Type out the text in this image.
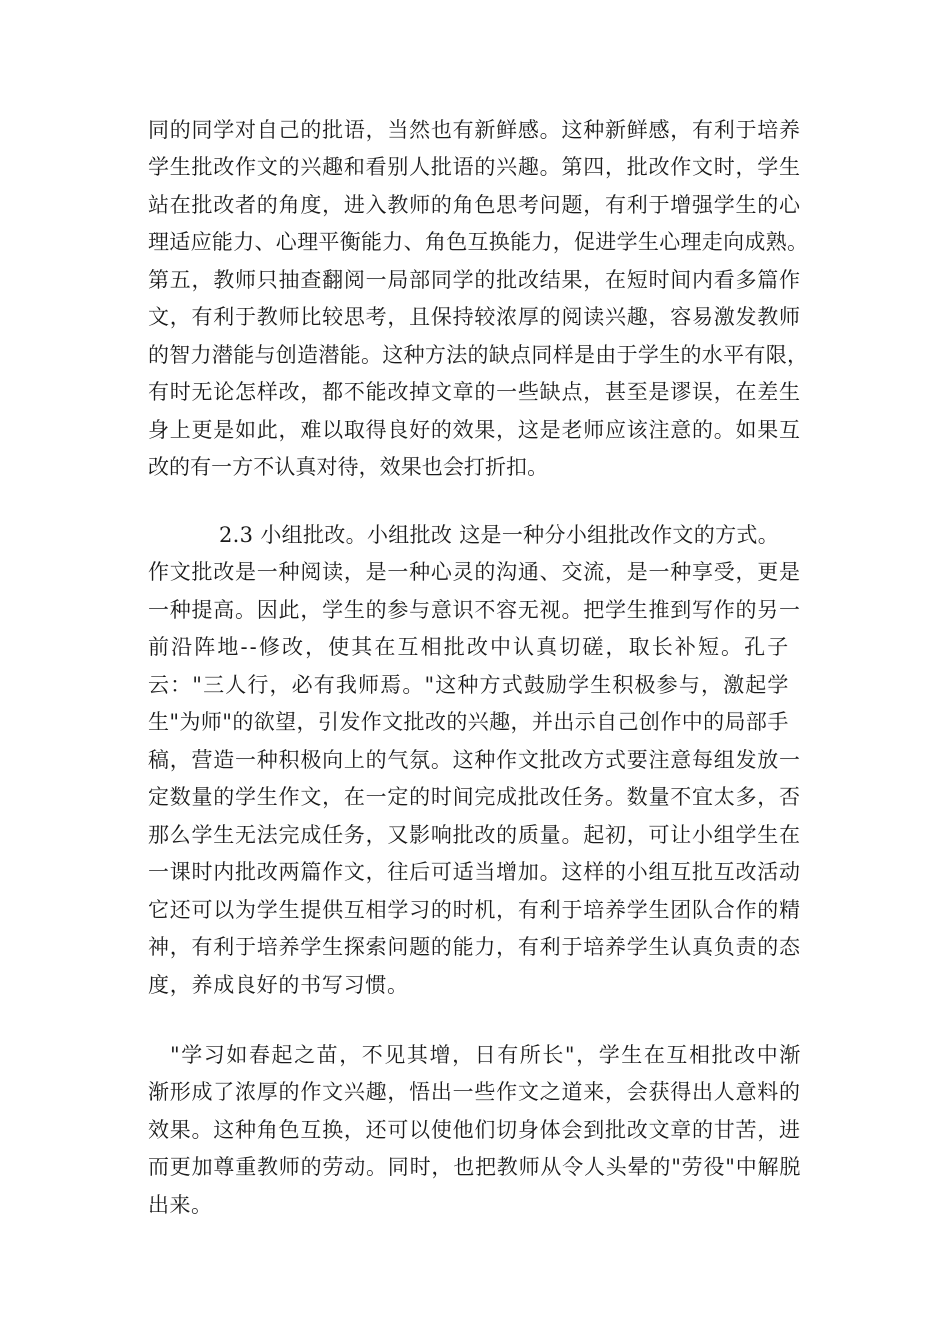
同的同学对自己的批语，当然也有新鲜感。这种新鲜感，有利于培养
学生批改作文的兴趣和看别人批语的兴趣。第四，批改作文时，学生
站在批改者的角度，进入教师的角色思考问题，有利于增强学生的心
理适应能力、心理平衡能力、角色互换能力，促进学生心理走向成熟。
第五，教师只抽查翻阅一局部同学的批改结果，在短时间内看多篇作
文，有利于教师比较思考，且保持较浓厚的阅读兴趣，容易激发教师
的智力潜能与创造潜能。这种方法的缺点同样是由于学生的水平有限，
有时无论怎样改，都不能改掉文章的一些缺点，甚至是谬误，在差生
身上更是如此，难以取得良好的效果，这是老师应该注意的。如果互
改的有一方不认真对待，效果也会打折扣。
2.3 小组批改。小组批改 这是一种分小组批改作文的方式。
作文批改是一种阅读，是一种心灵的沟通、交流，是一种享受，更是
一种提高。因此，学生的参与意识不容无视。把学生推到写作的另一
前沿阵地--修改，使其在互相批改中认真切磋，取长补短。孔子
云："三人行，必有我师焉。"这种方式鼓励学生积极参与，激起学
生"为师"的欲望，引发作文批改的兴趣，并出示自己创作中的局部手
稿，营造一种积极向上的气氛。这种作文批改方式要注意每组发放一
定数量的学生作文，在一定的时间完成批改任务。数量不宜太多，否
那么学生无法完成任务，又影响批改的质量。起初，可让小组学生在
一课时内批改两篇作文，往后可适当增加。这样的小组互批互改活动
它还可以为学生提供互相学习的时机，有利于培养学生团队合作的精
神，有利于培养学生探索问题的能力，有利于培养学生认真负责的态
度，养成良好的书写习惯。
"学习如春起之苗，不见其增，日有所长"，学生在互相批改中渐
渐形成了浓厚的作文兴趣，悟出一些作文之道来，会获得出人意料的
效果。这种角色互换，还可以使他们切身体会到批改文章的甘苦，进
而更加尊重教师的劳动。同时，也把教师从令人头晕的"劳役"中解脱
出来。
